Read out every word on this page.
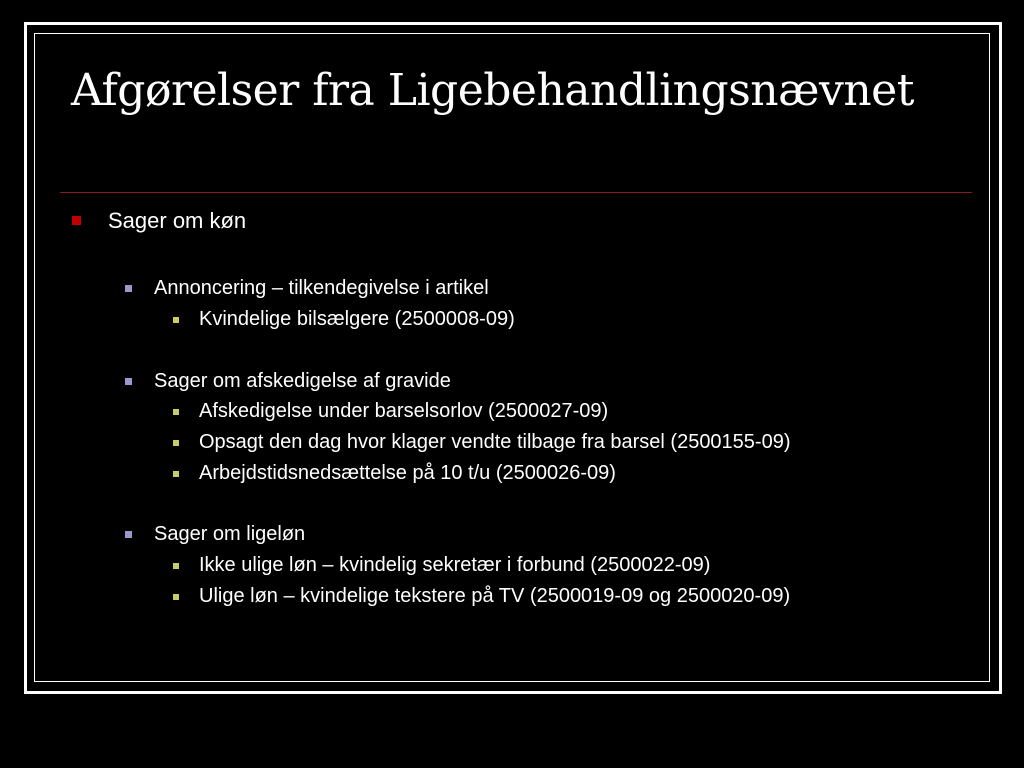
Afgørelser fra Ligebehandlingsnævnet
Sager om køn
Annoncering – tilkendegivelse i artikel
Kvindelige bilsælgere (2500008-09)
Sager om afskedigelse af gravide
Afskedigelse under barselsorlov (2500027-09)
Opsagt den dag hvor klager vendte tilbage fra barsel (2500155-09)
Arbejdstidsnedsættelse på 10 t/u (2500026-09)
Sager om ligeløn
Ikke ulige løn – kvindelig sekretær i forbund (2500022-09)
Ulige løn – kvindelige tekstere på TV (2500019-09 og 2500020-09)
